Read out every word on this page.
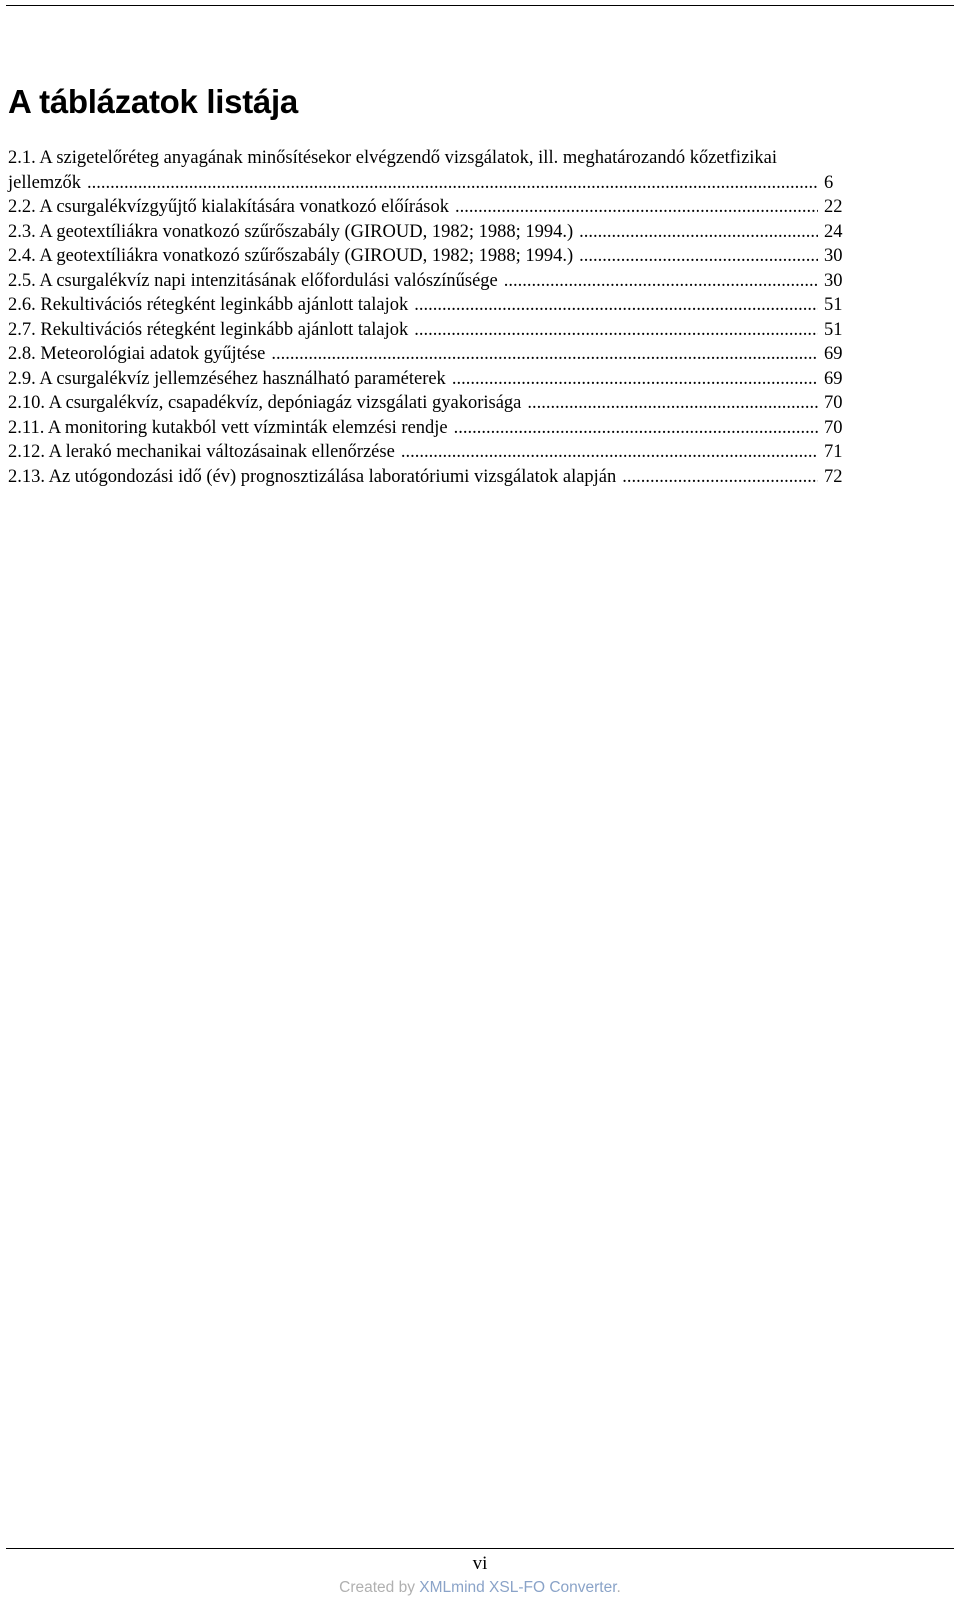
A táblázatok listája
2.1. A szigetelőréteg anyagának minősítésekor elvégzendő vizsgálatok, ill. meghatározandó kőzetfizikai
jellemzők .....	6
2.2. A csurgalékvízgyűjtő kialakítására vonatkozó előírások .....	22
2.3. A geotextíliákra vonatkozó szűrőszabály (GIROUD, 1982; 1988; 1994.) .....	24
2.4. A geotextíliákra vonatkozó szűrőszabály (GIROUD, 1982; 1988; 1994.) .....	30
2.5. A csurgalékvíz napi intenzitásának előfordulási valószínűsége .....	30
2.6. Rekultivációs rétegként leginkább ajánlott talajok .....	51
2.7. Rekultivációs rétegként leginkább ajánlott talajok .....	51
2.8. Meteorológiai adatok gyűjtése .....	69
2.9. A csurgalékvíz jellemzéséhez használható paraméterek .....	69
2.10. A csurgalékvíz, csapadékvíz, depóniagáz vizsgálati gyakorisága .....	70
2.11. A monitoring kutakból vett vízminták elemzési rendje .....	70
2.12. A lerakó mechanikai változásainak ellenőrzése .....	71
2.13. Az utógondozási idő (év) prognosztizálása laboratóriumi vizsgálatok alapján .....	72
vi
Created by XMLmind XSL-FO Converter.
